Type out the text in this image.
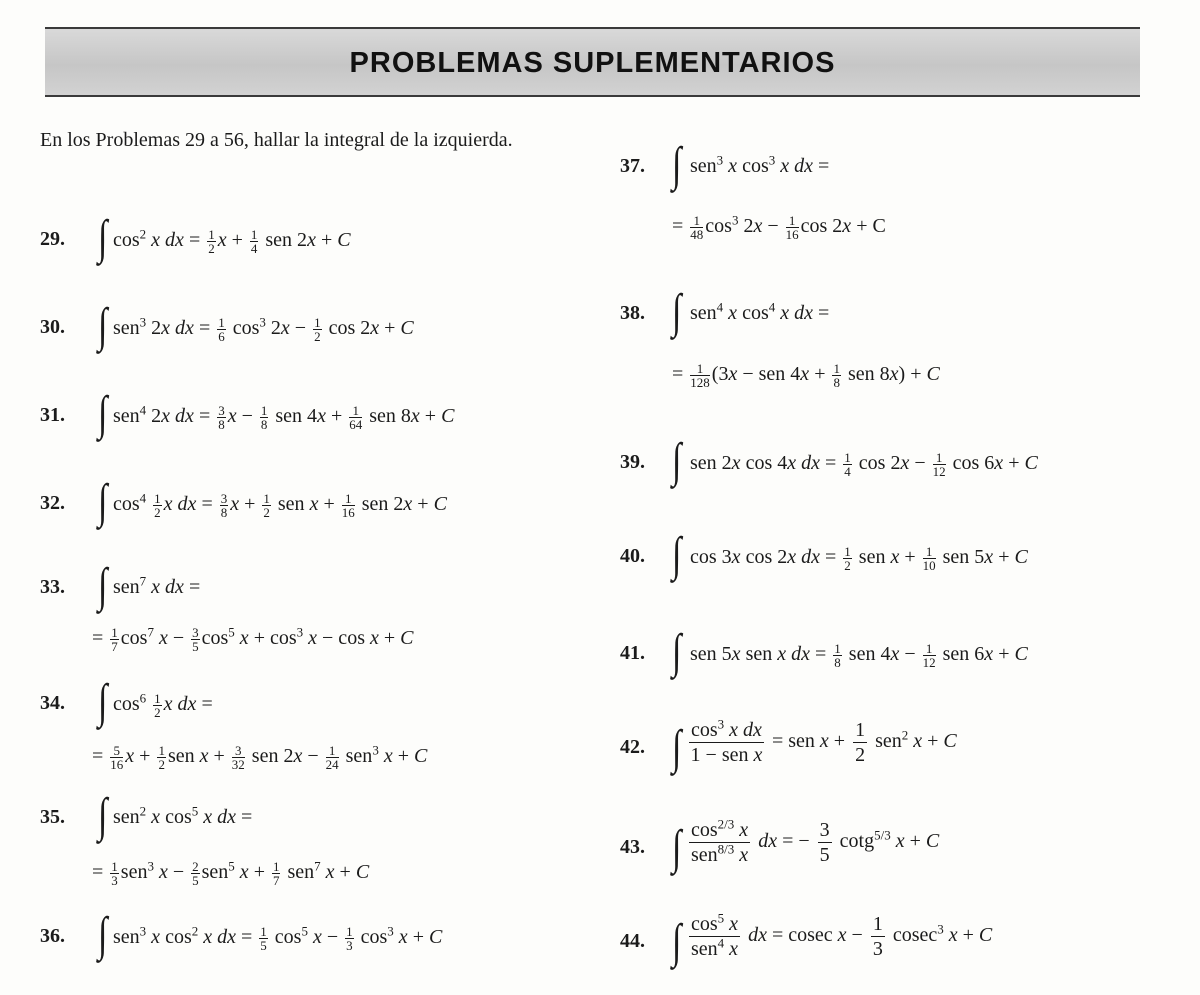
PROBLEMAS SUPLEMENTARIOS
En los Problemas 29 a 56, hallar la integral de la izquierda.
29. ∫ $\cos^2 x$ dx = $\frac{1}{2}$ $x + \frac{1}{4}$ sen 2x + C
30. ∫ sen$^3$ 2x dx = $\frac{1}{6} \cos^3 2x - \frac{1}{2}$ cos 2x + C
31. ∫ sen$^4$ 2x dx = $\frac{3}{8}$ $x - \frac{1}{8}$ sen $4x + \frac{1}{64}$ sen 8x + C
32. ∫ $\cos^4 \frac{1}{2}$ x dx = $\frac{3}{8}$ $x + \frac{1}{2}$ sen $x + \frac{1}{16}$ sen 2x + C
33. ∫ sen$^7$ x dx =
= $\frac{1}{7} \cos^7 x - \frac{3}{5} \cos^5 x + \cos^3 x - \cos x + C$
34. ∫ $\cos^6 \frac{1}{2}$ x dx =
= $\frac{5}{16}$ $x + \frac{1}{2}$ sen $x + \frac{3}{32}$ sen $2x - \frac{1}{24} sen^3$ x + C
35. ∫ sen$^2$ x $\cos^5 x$ dx =
= $\frac{1}{3} sen^3$ $x - \frac{2}{5} sen^5$ $x + \frac{1}{7} sen^7$ x + C
36. ∫ sen$^3$ x $\cos^2 x$ dx = $\frac{1}{5} \cos^5 x - \frac{1}{3} \cos^3 x + C$
37. ∫ sen$^3$ x $\cos^3 x$ dx =
= $\frac{1}{48} \cos^3 2x - \frac{1}{16}$ cos 2x + C
38. ∫ sen$^4$ x $\cos^4 x$ dx =
= $\frac{1}{128} (3x$ − sen $4x + \frac{1}{8}$ sen 8x) + C
39. ∫ sen 2x cos 4x dx = $\frac{1}{4}$ $\cos 2x - \frac{1}{12}$ cos 6x + C
40. ∫ cos 3x cos 2x dx = $\frac{1}{2}$ sen $x + \frac{1}{10}$ sen 5x + C
41. ∫ sen 5x sen x dx = $\frac{1}{8}$ sen $4x - \frac{1}{12}$ sen 6x + C
42. ∫ $\cos^3 x$ dx
1 − sen x
= sen $x + \frac{1}{2} sen^2$ x + C
43. ∫ $\cos^{2/3} x$
sen$^{8/3}$ x
dx = − $\frac{3}{5} \cot g^{5/3}$ x + C
44. ∫ $\cos^5 x$
sen$^4$ x
dx = cosec $x - \frac{1}{3} cosec^3$ x + C
